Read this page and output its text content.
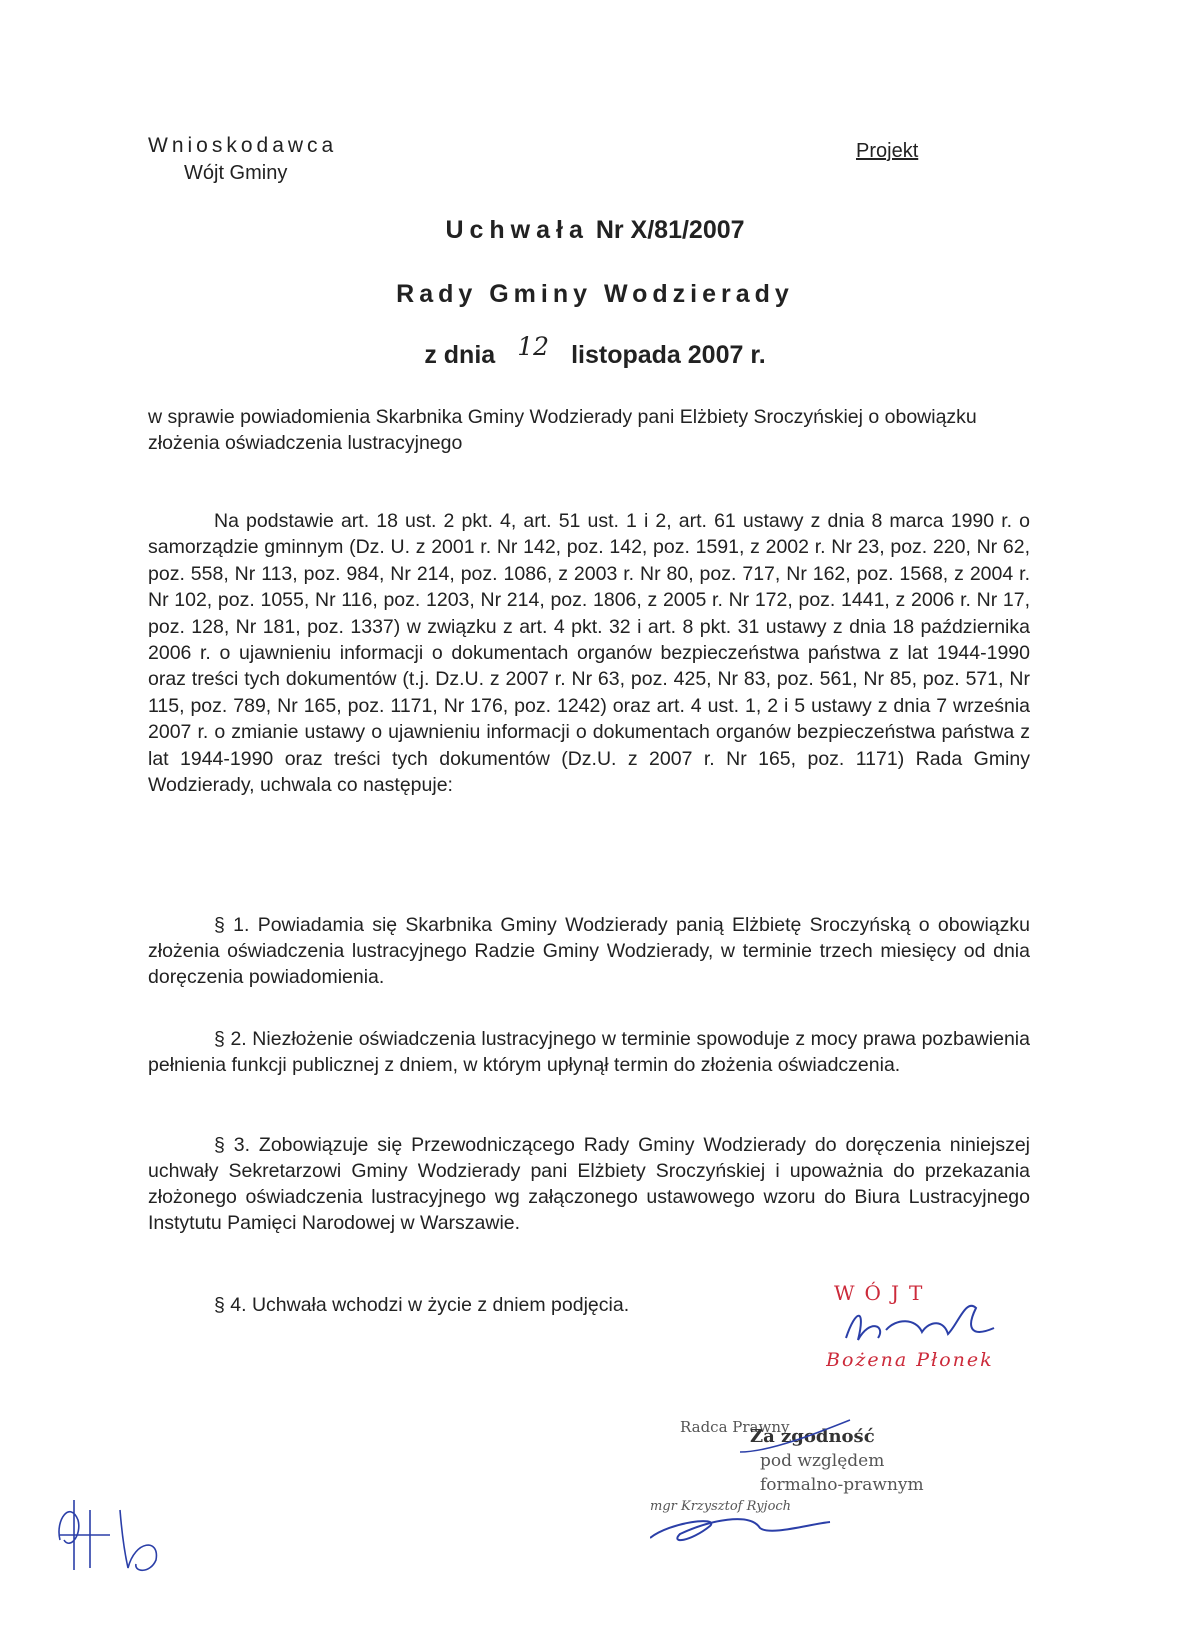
Wnioskodawca
Wójt Gminy
Projekt
Uchwała Nr X/81/2007
Rady Gminy Wodzierady
z dnia 12 listopada 2007 r.
w sprawie powiadomienia Skarbnika Gminy Wodzierady pani Elżbiety Sroczyńskiej o obowiązku złożenia oświadczenia lustracyjnego
Na podstawie art. 18 ust. 2 pkt. 4, art. 51 ust. 1 i 2, art. 61 ustawy z dnia 8 marca 1990 r. o samorządzie gminnym (Dz. U. z 2001 r. Nr 142, poz. 142, poz. 1591, z 2002 r. Nr 23, poz. 220, Nr 62, poz. 558, Nr 113, poz. 984, Nr 214, poz. 1086, z 2003 r. Nr 80, poz. 717, Nr 162, poz. 1568, z 2004 r. Nr 102, poz. 1055, Nr 116, poz. 1203, Nr 214, poz. 1806, z 2005 r. Nr 172, poz. 1441, z 2006 r. Nr 17, poz. 128, Nr 181, poz. 1337) w związku z art. 4 pkt. 32 i art. 8 pkt. 31 ustawy z dnia 18 października 2006 r. o ujawnieniu informacji o dokumentach organów bezpieczeństwa państwa z lat 1944-1990 oraz treści tych dokumentów (t.j. Dz.U. z 2007 r. Nr 63, poz. 425, Nr 83, poz. 561, Nr 85, poz. 571, Nr 115, poz. 789, Nr 165, poz. 1171, Nr 176, poz. 1242) oraz art. 4 ust. 1, 2 i 5 ustawy z dnia 7 września 2007 r. o zmianie ustawy o ujawnieniu informacji o dokumentach organów bezpieczeństwa państwa z lat 1944-1990 oraz treści tych dokumentów (Dz.U. z 2007 r. Nr 165, poz. 1171) Rada Gminy Wodzierady, uchwala co następuje:
§ 1. Powiadamia się Skarbnika Gminy Wodzierady panią Elżbietę Sroczyńską o obowiązku złożenia oświadczenia lustracyjnego Radzie Gminy Wodzierady, w terminie trzech miesięcy od dnia doręczenia powiadomienia.
§ 2. Niezłożenie oświadczenia lustracyjnego w terminie spowoduje z mocy prawa pozbawienia pełnienia funkcji publicznej z dniem, w którym upłynął termin do złożenia oświadczenia.
§ 3. Zobowiązuje się Przewodniczącego Rady Gminy Wodzierady do doręczenia niniejszej uchwały Sekretarzowi Gminy Wodzierady pani Elżbiety Sroczyńskiej i upoważnia do przekazania złożonego oświadczenia lustracyjnego wg załączonego ustawowego wzoru do Biura Lustracyjnego Instytutu Pamięci Narodowej w Warszawie.
§ 4. Uchwała wchodzi w życie z dniem podjęcia.	WÓJT
Bożena Płonek
Radca Prawny
Za zgodność
pod względem
formalno-prawnym
mgr Krzysztof Ryjoch
